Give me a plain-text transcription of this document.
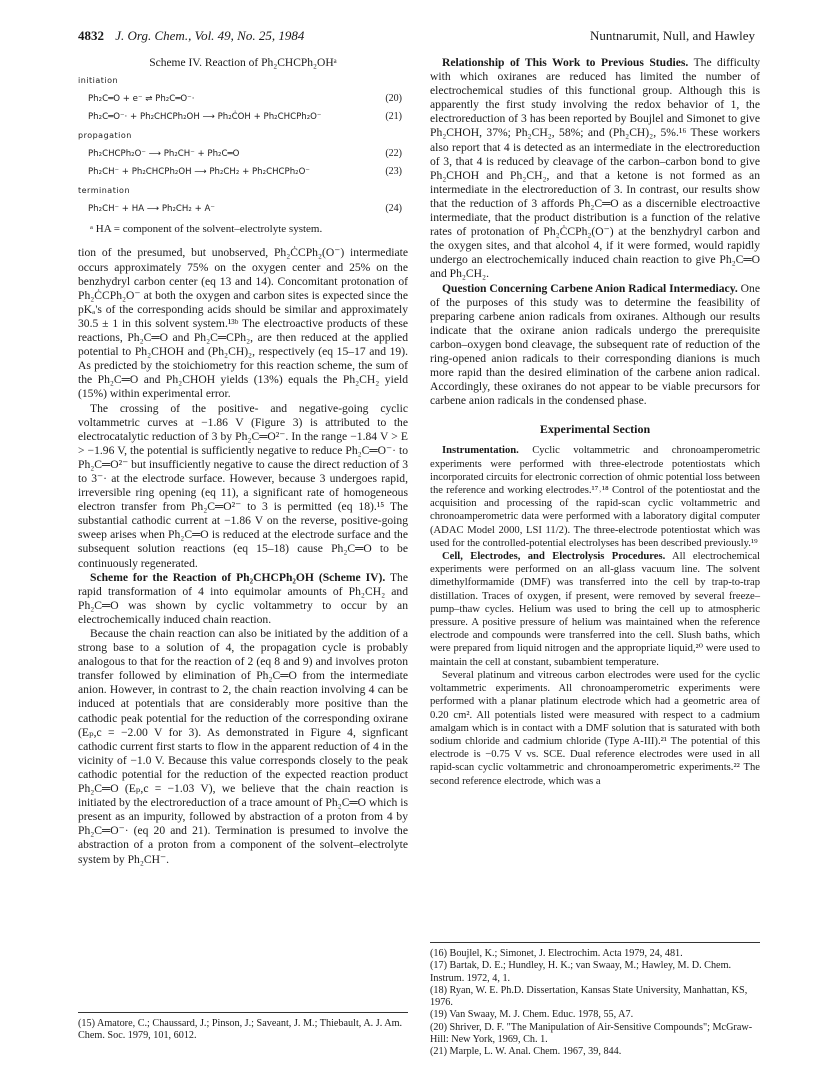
4832 J. Org. Chem., Vol. 49, No. 25, 1984	Nuntnarumit, Null, and Hawley
Scheme IV. Reaction of Ph₂CHCPh₂OHᵃ
initiation
Ph₂C═O + e⁻ ⇌ Ph₂C═O⁻·	(20)
Ph₂C═O⁻· + Ph₂CHCPh₂OH ⟶ Ph₂ĊOH + Ph₂CHCPh₂O⁻	(21)
propagation
Ph₂CHCPh₂O⁻ ⟶ Ph₂CH⁻ + Ph₂C═O	(22)
Ph₂CH⁻ + Ph₂CHCPh₂OH ⟶ Ph₂CH₂ + Ph₂CHCPh₂O⁻	(23)
termination
Ph₂CH⁻ + HA ⟶ Ph₂CH₂ + A⁻	(24)
ᵃ HA = component of the solvent–electrolyte system.

tion of the presumed, but unobserved, Ph₂ĊCPh₂(O⁻) intermediate occurs approximately 75% on the oxygen center and 25% on the benzhydryl carbon center (eq 13 and 14). Concomitant protonation of Ph₂ĊCPh₂O⁻ at both the oxygen and carbon sites is expected since the pKₐ's of the corresponding acids should be similar and approximately 30.5 ± 1 in this solvent system.¹³ᵇ The electroactive products of these reactions, Ph₂C═O and Ph₂C═CPh₂, are then reduced at the applied potential to Ph₂CHOH and (Ph₂CH)₂, respectively (eq 15–17 and 19). As predicted by the stoichiometry for this reaction scheme, the sum of the Ph₂C═O and Ph₂CHOH yields (13%) equals the Ph₂CH₂ yield (15%) within experimental error.

The crossing of the positive- and negative-going cyclic voltammetric curves at −1.86 V (Figure 3) is attributed to the electrocatalytic reduction of 3 by Ph₂C═O²⁻. In the range −1.84 V > E > −1.96 V, the potential is sufficiently negative to reduce Ph₂C═O⁻· to Ph₂C═O²⁻ but insufficiently negative to cause the direct reduction of 3 to 3⁻· at the electrode surface. However, because 3 undergoes rapid, irreversible ring opening (eq 11), a significant rate of homogeneous electron transfer from Ph₂C═O²⁻ to 3 is permitted (eq 18).¹⁵ The substantial cathodic current at −1.86 V on the reverse, positive-going sweep arises when Ph₂C═O is reduced at the electrode surface and the subsequent solution reactions (eq 15–18) cause Ph₂C═O to be continuously regenerated.

Scheme for the Reaction of Ph₂CHCPh₂OH (Scheme IV). The rapid transformation of 4 into equimolar amounts of Ph₂CH₂ and Ph₂C═O was shown by cyclic voltammetry to occur by an electrochemically induced chain reaction.

Because the chain reaction can also be initiated by the addition of a strong base to a solution of 4, the propagation cycle is probably analogous to that for the reaction of 2 (eq 8 and 9) and involves proton transfer followed by elimination of Ph₂C═O from the intermediate anion. However, in contrast to 2, the chain reaction involving 4 can be induced at potentials that are considerably more positive than the cathodic peak potential for the reduction of the corresponding oxirane (Eₚ,c = −2.00 V for 3). As demonstrated in Figure 4, signficant cathodic current first starts to flow in the apparent reduction of 4 in the vicinity of −1.0 V. Because this value corresponds closely to the peak cathodic potential for the reduction of the expected reaction product Ph₂C═O (Eₚ,c = −1.03 V), we believe that the chain reaction is initiated by the electroreduction of a trace amount of Ph₂C═O which is present as an impurity, followed by abstraction of a proton from 4 by Ph₂C═O⁻· (eq 20 and 21). Termination is presumed to involve the abstraction of a proton from a component of the solvent–electrolyte system by Ph₂CH⁻.

(15) Amatore, C.; Chaussard, J.; Pinson, J.; Saveant, J. M.; Thiebault, A. J. Am. Chem. Soc. 1979, 101, 6012.

Relationship of This Work to Previous Studies. The difficulty with which oxiranes are reduced has limited the number of electrochemical studies of this functional group. Although this is apparently the first study involving the redox behavior of 1, the electroreduction of 3 has been reported by Boujlel and Simonet to give Ph₂CHOH, 37%; Ph₂CH₂, 58%; and (Ph₂CH)₂, 5%.¹⁶ These workers also report that 4 is detected as an intermediate in the electroreduction of 3, that 4 is reduced by cleavage of the carbon–carbon bond to give Ph₂CHOH and Ph₂CH₂, and that a ketone is not formed as an intermediate in the electroreduction of 3. In contrast, our results show that the reduction of 3 affords Ph₂C═O as a discernible electroactive intermediate, that the product distribution is a function of the relative rates of protonation of Ph₂ĊCPh₂(O⁻) at the benzhydryl carbon and the oxygen sites, and that alcohol 4, if it were formed, would rapidly undergo an electrochemically induced chain reaction to give Ph₂C═O and Ph₂CH₂.

Question Concerning Carbene Anion Radical Intermediacy. One of the purposes of this study was to determine the feasibility of preparing carbene anion radicals from oxiranes. Although our results indicate that the oxirane anion radicals undergo the prerequisite carbon–oxygen bond cleavage, the subsequent rate of reduction of the ring-opened anion radicals to their corresponding dianions is much more rapid than the desired elimination of the carbene anion radical. Accordingly, these oxiranes do not appear to be viable precursors for carbene anion radicals in the condensed phase.

Experimental Section

Instrumentation. Cyclic voltammetric and chronoamperometric experiments were performed with three-electrode potentiostats which incorporated circuits for electronic correction of ohmic potential loss between the reference and working electrodes.¹⁷˒¹⁸ Control of the potentiostat and the acquisition and processing of the rapid-scan cyclic voltammetric and chronoamperometric data were performed with a laboratory digital computer (ADAC Model 2000, LSI 11/2). The three-electrode potentiostat which was used for the controlled-potential electrolyses has been described previously.¹⁹

Cell, Electrodes, and Electrolysis Procedures. All electrochemical experiments were performed on an all-glass vacuum line. The solvent dimethylformamide (DMF) was transferred into the cell by trap-to-trap distillation. Traces of oxygen, if present, were removed by several freeze–pump–thaw cycles. Helium was used to bring the cell up to atmospheric pressure. A positive pressure of helium was maintained when the reference electrode and compounds were transferred into the cell. Slush baths, which were prepared from liquid nitrogen and the appropriate liquid,²⁰ were used to maintain the cell at constant, subambient temperature.

Several platinum and vitreous carbon electrodes were used for the cyclic voltammetric experiments. All chronoamperometric experiments were performed with a planar platinum electrode which had a geometric area of 0.20 cm². All potentials listed were measured with respect to a cadmium amalgam which is in contact with a DMF solution that is saturated with both sodium chloride and cadmium chloride (Type A-III).²¹ The potential of this electrode is −0.75 V vs. SCE. Dual reference electrodes were used in all rapid-scan cyclic voltammetric and chronoamperometric experiments.²² The second reference electrode, which was a

(16) Boujlel, K.; Simonet, J. Electrochim. Acta 1979, 24, 481.

(17) Bartak, D. E.; Hundley, H. K.; van Swaay, M.; Hawley, M. D. Chem. Instrum. 1972, 4, 1.

(18) Ryan, W. E. Ph.D. Dissertation, Kansas State University, Manhattan, KS, 1976.

(19) Van Swaay, M. J. Chem. Educ. 1978, 55, A7.

(20) Shriver, D. F. "The Manipulation of Air-Sensitive Compounds"; McGraw-Hill: New York, 1969, Ch. 1.

(21) Marple, L. W. Anal. Chem. 1967, 39, 844.
